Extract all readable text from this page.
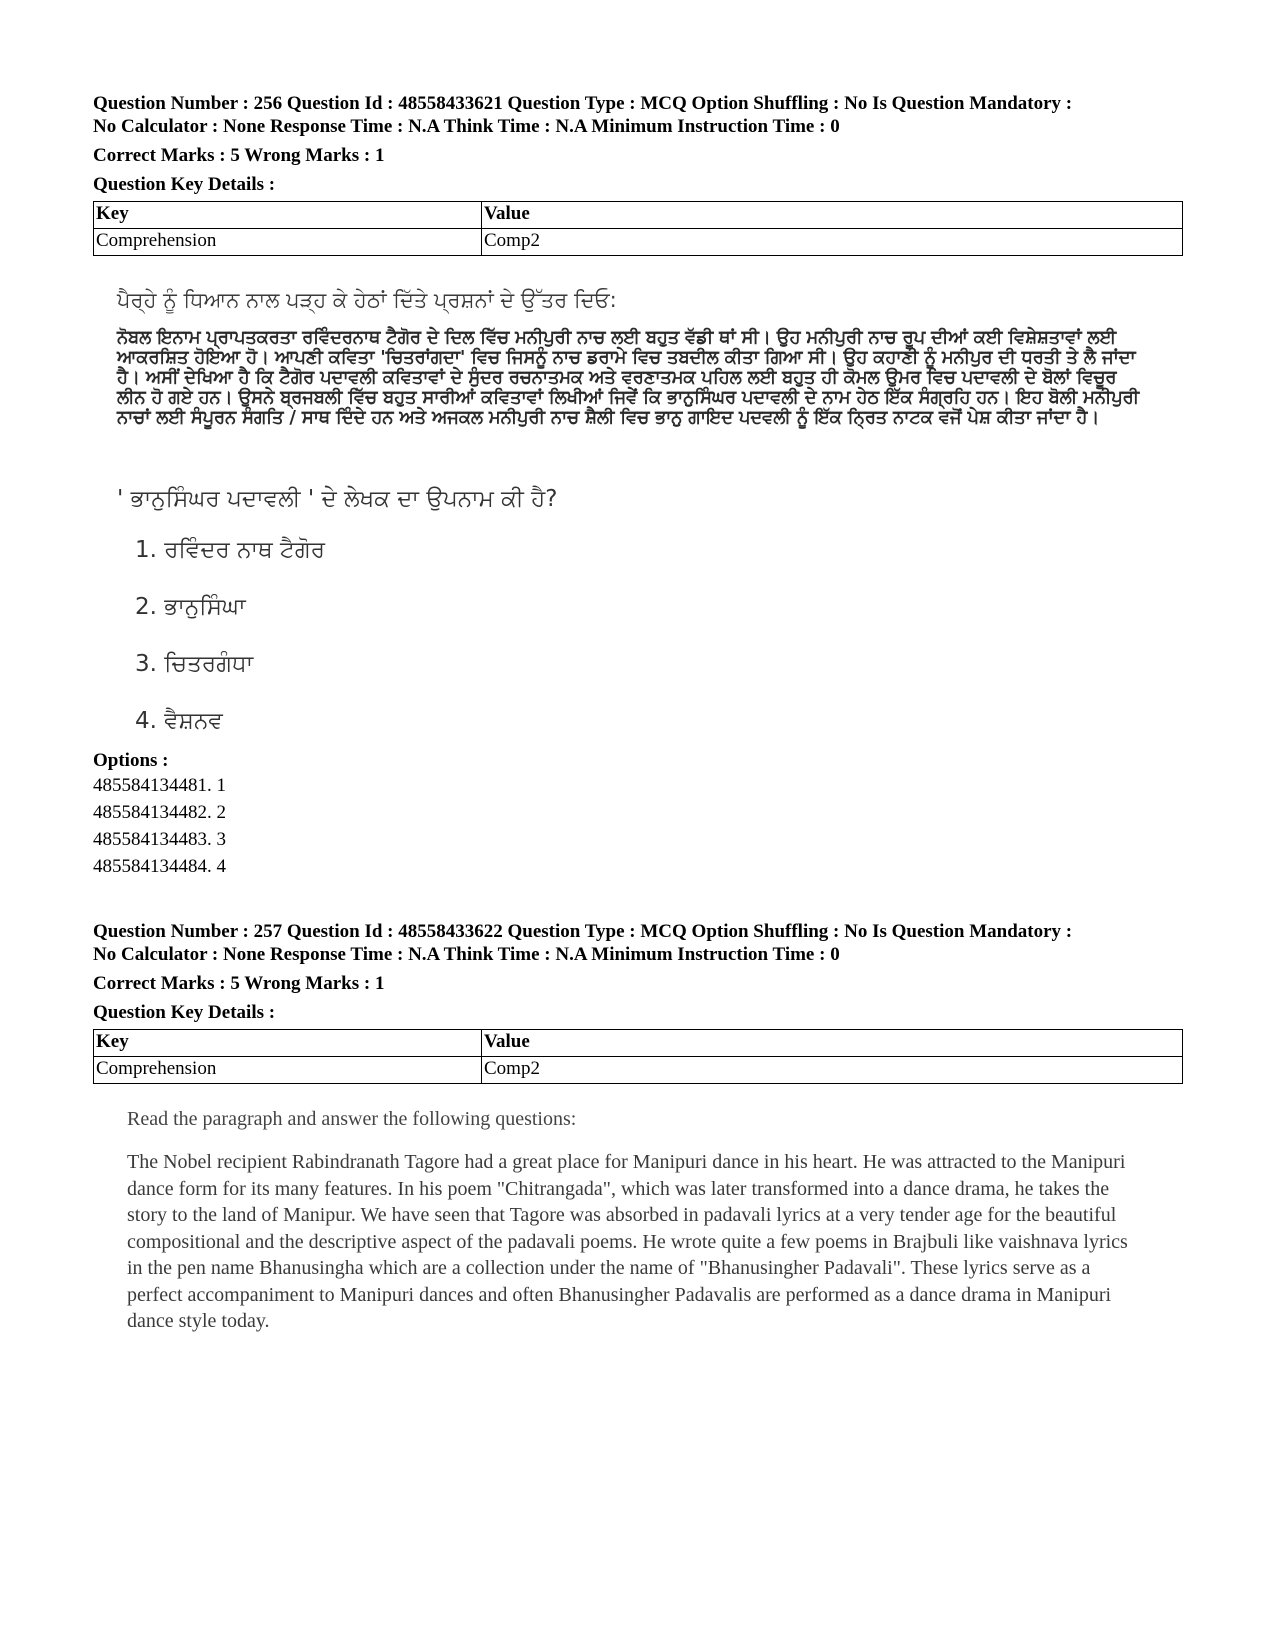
Question Number : 256 Question Id : 48558433621 Question Type : MCQ Option Shuffling : No Is Question Mandatory :

No Calculator : None Response Time : N.A Think Time : N.A Minimum Instruction Time : 0

Correct Marks : 5 Wrong Marks : 1
Question Key Details :
Key	Value
Comprehension	Comp2
ਪੈਰ੍ਹੇ ਨੂੰ ਧਿਆਨ ਨਾਲ ਪੜ੍ਹ ਕੇ ਹੇਠਾਂ ਦਿੱਤੇ ਪ੍ਰਸ਼ਨਾਂ ਦੇ ਉੱਤਰ ਦਿਓ:
ਨੋਬਲ ਇਨਾਮ ਪ੍ਰਾਪਤਕਰਤਾ ਰਵਿੰਦਰਨਾਥ ਟੈਗੋਰ ਦੇ ਦਿਲ ਵਿੱਚ ਮਨੀਪੁਰੀ ਨਾਚ ਲਈ ਬਹੁਤ ਵੱਡੀ ਥਾਂ ਸੀ। ਉਹ ਮਨੀਪੁਰੀ ਨਾਚ ਰੂਪ ਦੀਆਂ ਕਈ ਵਿਸ਼ੇਸ਼ਤਾਵਾਂ ਲਈ ਆਕਰਸ਼ਿਤ ਹੋਇਆ ਹੋ। ਆਪਣੀ ਕਵਿਤਾ 'ਚਿਤਰਾਂਗਦਾ' ਵਿਚ ਜਿਸਨੂੰ ਨਾਚ ਡਰਾਮੇ ਵਿਚ ਤਬਦੀਲ ਕੀਤਾ ਗਿਆ ਸੀ। ਉਹ ਕਹਾਣੀ ਨੂੰ ਮਨੀਪੁਰ ਦੀ ਧਰਤੀ ਤੇ ਲੈ ਜਾਂਦਾ ਹੈ। ਅਸੀਂ ਦੇਖਿਆ ਹੈ ਕਿ ਟੈਗੋਰ ਪਦਾਵਲੀ ਕਵਿਤਾਵਾਂ ਦੇ ਸੁੰਦਰ ਰਚਨਾਤਮਕ ਅਤੇ ਵਰਣਾਤਮਕ ਪਹਿਲ ਲਈ ਬਹੁਤ ਹੀ ਕੋਮਲ ਉਮਰ ਵਿਚ ਪਦਾਵਲੀ ਦੇ ਬੋਲਾਂ ਵਿਚੂਰ ਲੀਨ ਹੋ ਗਏ ਹਨ। ਉਸਨੇ ਬ੍ਰਜਬਲੀ ਵਿੱਚ ਬਹੁਤ ਸਾਰੀਆਂ ਕਵਿਤਾਵਾਂ ਲਿਖੀਆਂ ਜਿਵੇਂ ਕਿ ਭਾਨੁਸਿੰਘਰ ਪਦਾਵਲੀ ਦੇ ਨਾਮ ਹੇਠ ਇੱਕ ਸੰਗ੍ਰਹਿ ਹਨ। ਇਹ ਬੋਲੀ ਮਨੀਪੁਰੀ ਨਾਚਾਂ ਲਈ ਸੰਪੂਰਨ ਸੰਗਤਿ / ਸਾਥ ਦਿੰਦੇ ਹਨ ਅਤੇ ਅਜਕਲ ਮਨੀਪੁਰੀ ਨਾਚ ਸ਼ੈਲੀ ਵਿਚ ਭਾਨੁ ਗਾਇਦ ਪਦਵਲੀ ਨੂੰ ਇੱਕ ਨ੍ਰਿਤ ਨਾਟਕ ਵਜੋਂ ਪੇਸ਼ ਕੀਤਾ ਜਾਂਦਾ ਹੈ।
' ਭਾਨੁਸਿੰਘਰ ਪਦਾਵਲੀ ' ਦੇ ਲੇਖਕ ਦਾ ਉਪਨਾਮ ਕੀ ਹੈ?
1. ਰਵਿੰਦਰ ਨਾਥ ਟੈਗੋਰ
2. ਭਾਨੁਸਿੰਘਾ
3. ਚਿਤਰਗੰਧਾ
4. ਵੈਸ਼ਨਵ
Options :
485584134481. 1
485584134482. 2
485584134483. 3
485584134484. 4

Question Number : 257 Question Id : 48558433622 Question Type : MCQ Option Shuffling : No Is Question Mandatory :

No Calculator : None Response Time : N.A Think Time : N.A Minimum Instruction Time : 0

Correct Marks : 5 Wrong Marks : 1
Question Key Details :
Key	Value
Comprehension	Comp2
Read the paragraph and answer the following questions:
The Nobel recipient Rabindranath Tagore had a great place for Manipuri dance in his heart. He was attracted to the Manipuri dance form for its many features. In his poem "Chitrangada", which was later transformed into a dance drama, he takes the story to the land of Manipur. We have seen that Tagore was absorbed in padavali lyrics at a very tender age for the beautiful compositional and the descriptive aspect of the padavali poems. He wrote quite a few poems in Brajbuli like vaishnava lyrics in the pen name Bhanusingha which are a collection under the name of "Bhanusingher Padavali". These lyrics serve as a perfect accompaniment to Manipuri dances and often Bhanusingher Padavalis are performed as a dance drama in Manipuri dance style today.
